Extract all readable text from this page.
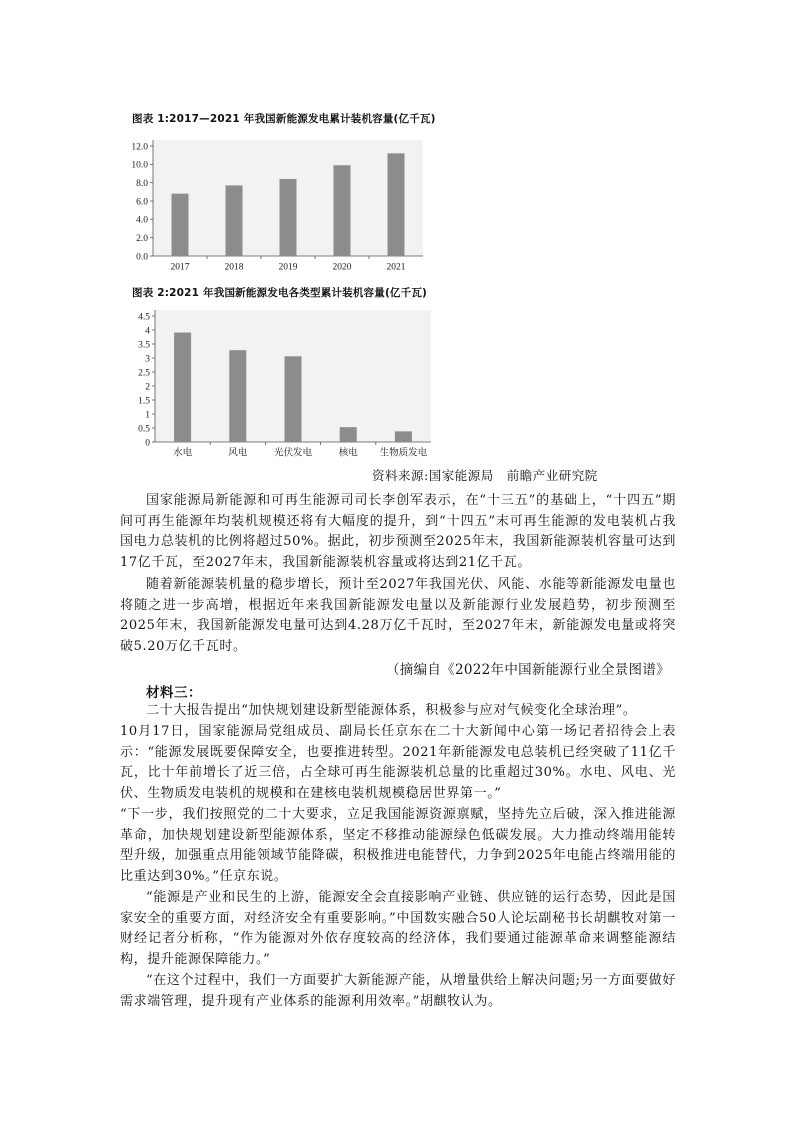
图表 1:2017—2021 年我国新能源发电累计装机容量(亿千瓦)
0.0
2.0
4.0
6.0
8.0
10.0
12.0
2017	2018	2019	2020	2021
图表 2:2021 年我国新能源发电各类型累计装机容量(亿千瓦)
0
0.5
1
1.5
2
2.5
3
3.5
4
4.5
水电	风电	光伏发电	核电 生物质发电
资料来源:国家能源局　前瞻产业研究院
国家能源局新能源和可再生能源司司长李创军表示，在“十三五”的基础上，“十四五”期间可再生能源年均装机规模还将有大幅度的提升，到“十四五”末可再生能源的发电装机占我国电力总装机的比例将超过50%。据此，初步预测至2025年末，我国新能源装机容量可达到17亿千瓦，至2027年末，我国新能源装机容量或将达到21亿千瓦。
随着新能源装机量的稳步增长，预计至2027年我国光伏、风能、水能等新能源发电量也将随之进一步高增，根据近年来我国新能源发电量以及新能源行业发展趋势，初步预测至2025年末，我国新能源发电量可达到4.28万亿千瓦时，至2027年末，新能源发电量或将突破5.20万亿千瓦时。
（摘编自《2022年中国新能源行业全景图谱》
材料三：
二十大报告提出“加快规划建设新型能源体系，积极参与应对气候变化全球治理”。
10月17日，国家能源局党组成员、副局长任京东在二十大新闻中心第一场记者招待会上表示：“能源发展既要保障安全，也要推进转型。2021年新能源发电总装机已经突破了11亿千瓦，比十年前增长了近三倍，占全球可再生能源装机总量的比重超过30%。水电、风电、光伏、生物质发电装机的规模和在建核电装机规模稳居世界第一。”
“下一步，我们按照党的二十大要求，立足我国能源资源禀赋，坚持先立后破，深入推进能源革命，加快规划建设新型能源体系，坚定不移推动能源绿色低碳发展。大力推动终端用能转型升级，加强重点用能领域节能降碳，积极推进电能替代，力争到2025年电能占终端用能的比重达到30%。”任京东说。
“能源是产业和民生的上游，能源安全会直接影响产业链、供应链的运行态势，因此是国家安全的重要方面，对经济安全有重要影响。”中国数实融合50人论坛副秘书长胡麒牧对第一财经记者分析称，“作为能源对外依存度较高的经济体，我们要通过能源革命来调整能源结构，提升能源保障能力。”
“在这个过程中，我们一方面要扩大新能源产能，从增量供给上解决问题;另一方面要做好需求端管理，提升现有产业体系的能源利用效率。”胡麒牧认为。
